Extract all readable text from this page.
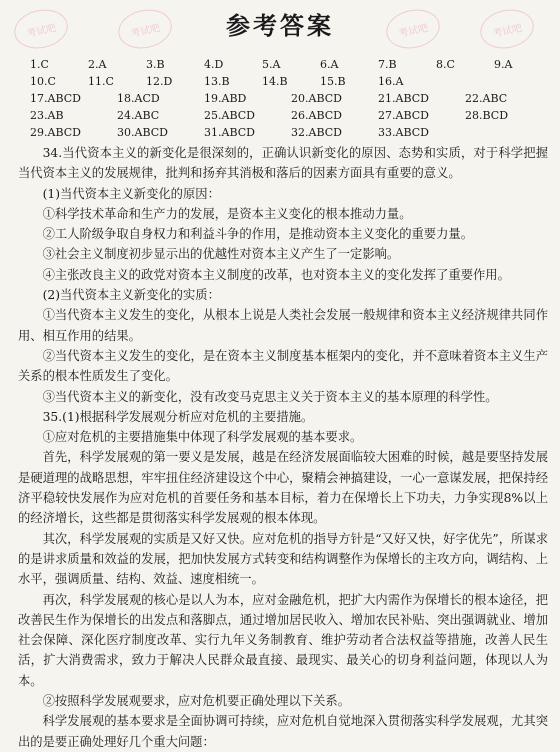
考试吧	考试吧	考试吧	考试吧
参考答案
1.C	2.A	3.B	4.D	5.A	6.A	7.B	8.C	9.A
10.C	11.C	12.D	13.B	14.B	15.B	16.A
17.ABCD	18.ACD	19.ABD	20.ABCD	21.ABCD	22.ABC
23.AB	24.ABC	25.ABCD	26.ABCD	27.ABCD	28.BCD
29.ABCD	30.ABCD	31.ABCD	32.ABCD	33.ABCD

34.当代资本主义的新变化是很深刻的，正确认识新变化的原因、态势和实质，对于科学把握当代资本主义的发展规律，批判和扬弃其消极和落后的因素方面具有重要的意义。

(1)当代资本主义新变化的原因：

①科学技术革命和生产力的发展，是资本主义变化的根本推动力量。

②工人阶级争取自身权力和利益斗争的作用，是推动资本主义变化的重要力量。

③社会主义制度初步显示出的优越性对资本主义产生了一定影响。

④主张改良主义的政党对资本主义制度的改革，也对资本主义的变化发挥了重要作用。

(2)当代资本主义新变化的实质：

①当代资本主义发生的变化，从根本上说是人类社会发展一般规律和资本主义经济规律共同作用、相互作用的结果。

②当代资本主义发生的变化，是在资本主义制度基本框架内的变化，并不意味着资本主义生产关系的根本性质发生了变化。

③当代资本主义的新变化，没有改变马克思主义关于资本主义的基本原理的科学性。

35.(1)根据科学发展观分析应对危机的主要措施。

①应对危机的主要措施集中体现了科学发展观的基本要求。

首先，科学发展观的第一要义是发展，越是在经济发展面临较大困难的时候，越是要坚持发展是硬道理的战略思想，牢牢扭住经济建设这个中心，聚精会神搞建设，一心一意谋发展，把保持经济平稳较快发展作为应对危机的首要任务和基本目标，着力在保增长上下功夫，力争实现8%以上的经济增长，这些都是贯彻落实科学发展观的根本体现。

其次，科学发展观的实质是又好又快。应对危机的指导方针是“又好又快，好字优先”，所谋求的是讲求质量和效益的发展，把加快发展方式转变和结构调整作为保增长的主攻方向，调结构、上水平，强调质量、结构、效益、速度相统一。

再次，科学发展观的核心是以人为本，应对金融危机，把扩大内需作为保增长的根本途径，把改善民生作为保增长的出发点和落脚点，通过增加居民收入、增加农民补贴、突出强调就业、增加社会保障、深化医疗制度改革、实行九年义务制教育、维护劳动者合法权益等措施，改善人民生活，扩大消费需求，致力于解决人民群众最直接、最现实、最关心的切身利益问题，体现以人为本。

②按照科学发展观要求，应对危机要正确处理以下关系。

科学发展观的基本要求是全面协调可持续，应对危机自觉地深入贯彻落实科学发展观，尤其突出的是要正确处理好几个重大问题：
